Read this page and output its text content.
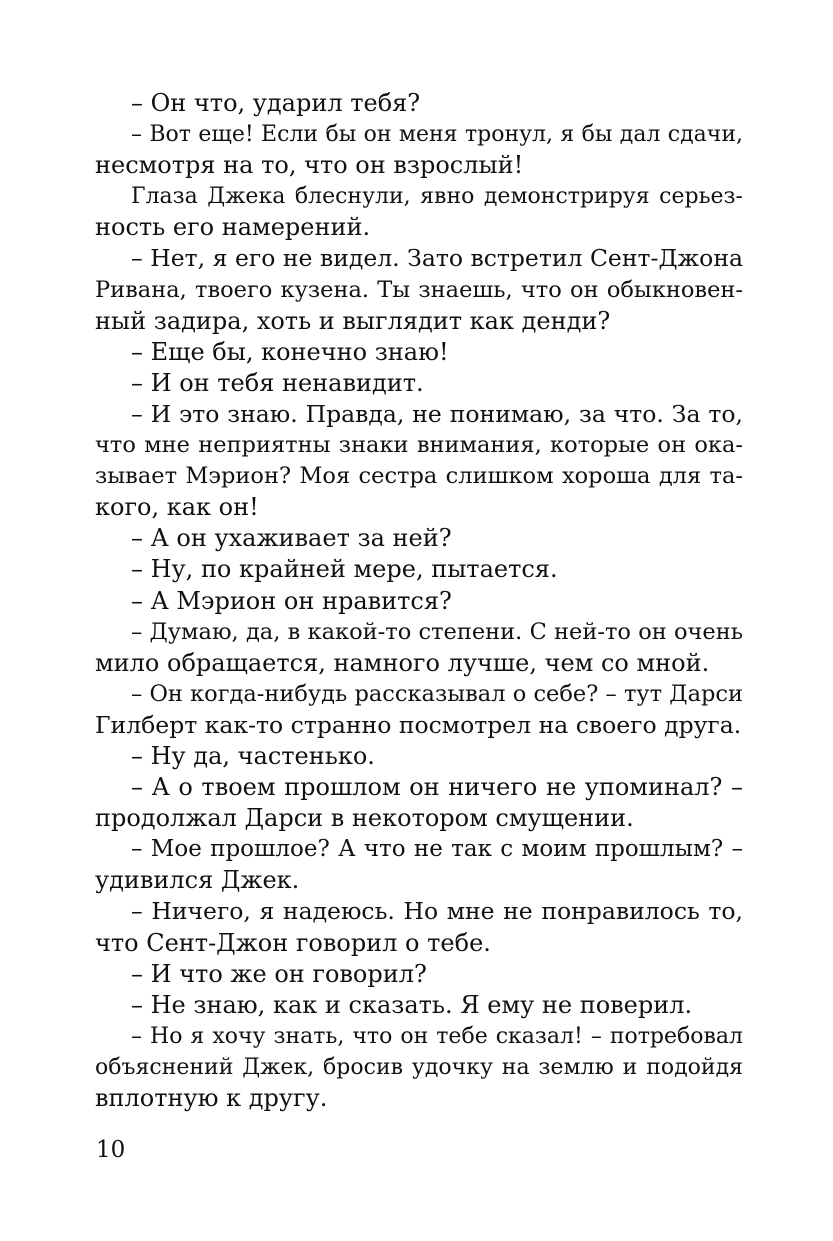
– Он что, ударил тебя?
– Вот еще! Если бы он меня тронул, я бы дал сдачи,
несмотря на то, что он взрослый!
Глаза Джека блеснули, явно демонстрируя серьез-
ность его намерений.
– Нет, я его не видел. Зато встретил Сент-Джона
Ривана, твоего кузена. Ты знаешь, что он обыкновен-
ный задира, хоть и выглядит как денди?
– Еще бы, конечно знаю!
– И он тебя ненавидит.
– И это знаю. Правда, не понимаю, за что. За то,
что мне неприятны знаки внимания, которые он ока-
зывает Мэрион? Моя сестра слишком хороша для та-
кого, как он!
– А он ухаживает за ней?
– Ну, по крайней мере, пытается.
– А Мэрион он нравится?
– Думаю, да, в какой-то степени. С ней-то он очень
мило обращается, намного лучше, чем со мной.
– Он когда-нибудь рассказывал о себе? – тут Дарси
Гилберт как-то странно посмотрел на своего друга.
– Ну да, частенько.
– А о твоем прошлом он ничего не упоминал? –
продолжал Дарси в некотором смущении.
– Мое прошлое? А что не так с моим прошлым? –
удивился Джек.
– Ничего, я надеюсь. Но мне не понравилось то,
что Сент-Джон говорил о тебе.
– И что же он говорил?
– Не знаю, как и сказать. Я ему не поверил.
– Но я хочу знать, что он тебе сказал! – потребовал
объяснений Джек, бросив удочку на землю и подойдя
вплотную к другу.
10
